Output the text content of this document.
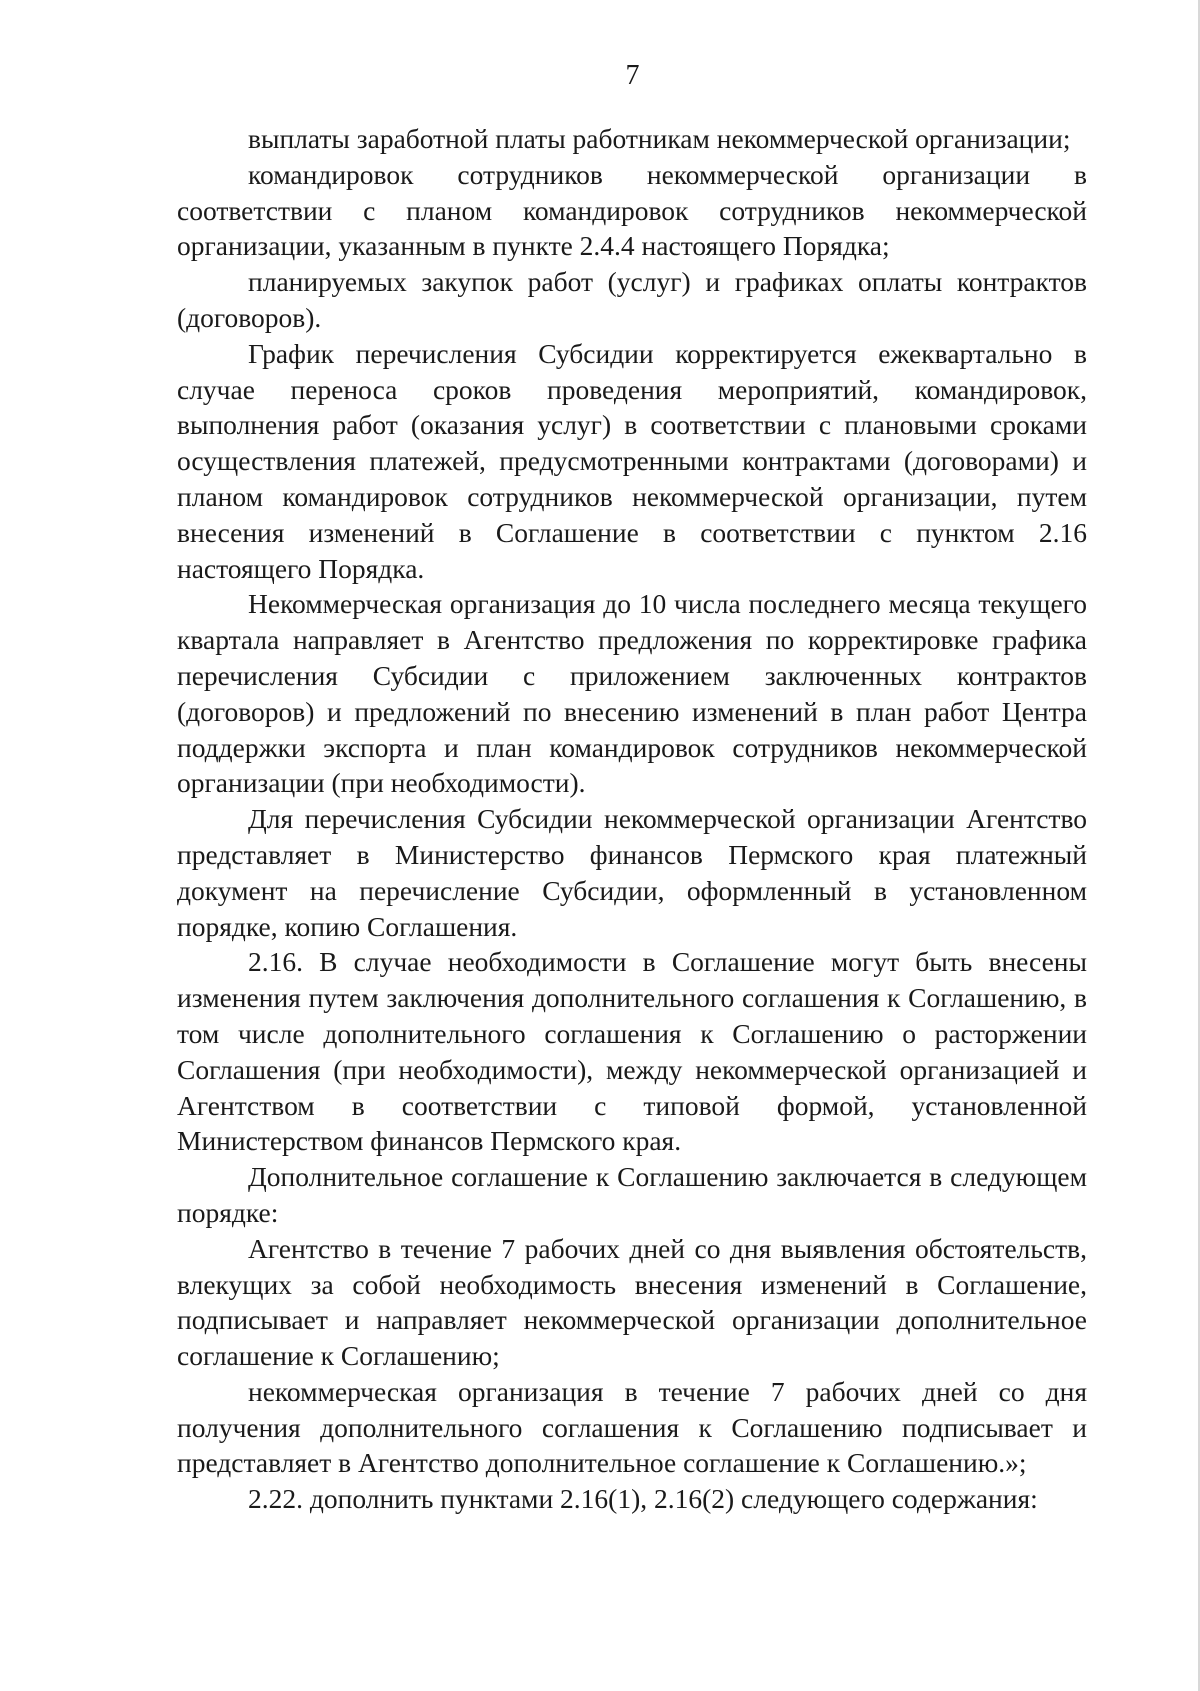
7

выплаты заработной платы работникам некоммерческой организации;

командировок сотрудников некоммерческой организации в соответствии с планом командировок сотрудников некоммерческой организации, указанным в пункте 2.4.4 настоящего Порядка;

планируемых закупок работ (услуг) и графиках оплаты контрактов (договоров).

График перечисления Субсидии корректируется ежеквартально в случае переноса сроков проведения мероприятий, командировок, выполнения работ (оказания услуг) в соответствии с плановыми сроками осуществления платежей, предусмотренными контрактами (договорами) и планом командировок сотрудников некоммерческой организации, путем внесения изменений в Соглашение в соответствии с пунктом 2.16 настоящего Порядка.

Некоммерческая организация до 10 числа последнего месяца текущего квартала направляет в Агентство предложения по корректировке графика перечисления Субсидии с приложением заключенных контрактов (договоров) и предложений по внесению изменений в план работ Центра поддержки экспорта и план командировок сотрудников некоммерческой организации (при необходимости).

Для перечисления Субсидии некоммерческой организации Агентство представляет в Министерство финансов Пермского края платежный документ на перечисление Субсидии, оформленный в установленном порядке, копию Соглашения.

2.16. В случае необходимости в Соглашение могут быть внесены изменения путем заключения дополнительного соглашения к Соглашению, в том числе дополнительного соглашения к Соглашению о расторжении Соглашения (при необходимости), между некоммерческой организацией и Агентством в соответствии с типовой формой, установленной Министерством финансов Пермского края.

Дополнительное соглашение к Соглашению заключается в следующем порядке:

Агентство в течение 7 рабочих дней со дня выявления обстоятельств, влекущих за собой необходимость внесения изменений в Соглашение, подписывает и направляет некоммерческой организации дополнительное соглашение к Соглашению;

некоммерческая организация в течение 7 рабочих дней со дня получения дополнительного соглашения к Соглашению подписывает и представляет в Агентство дополнительное соглашение к Соглашению.»;

2.22. дополнить пунктами 2.16(1), 2.16(2) следующего содержания:
